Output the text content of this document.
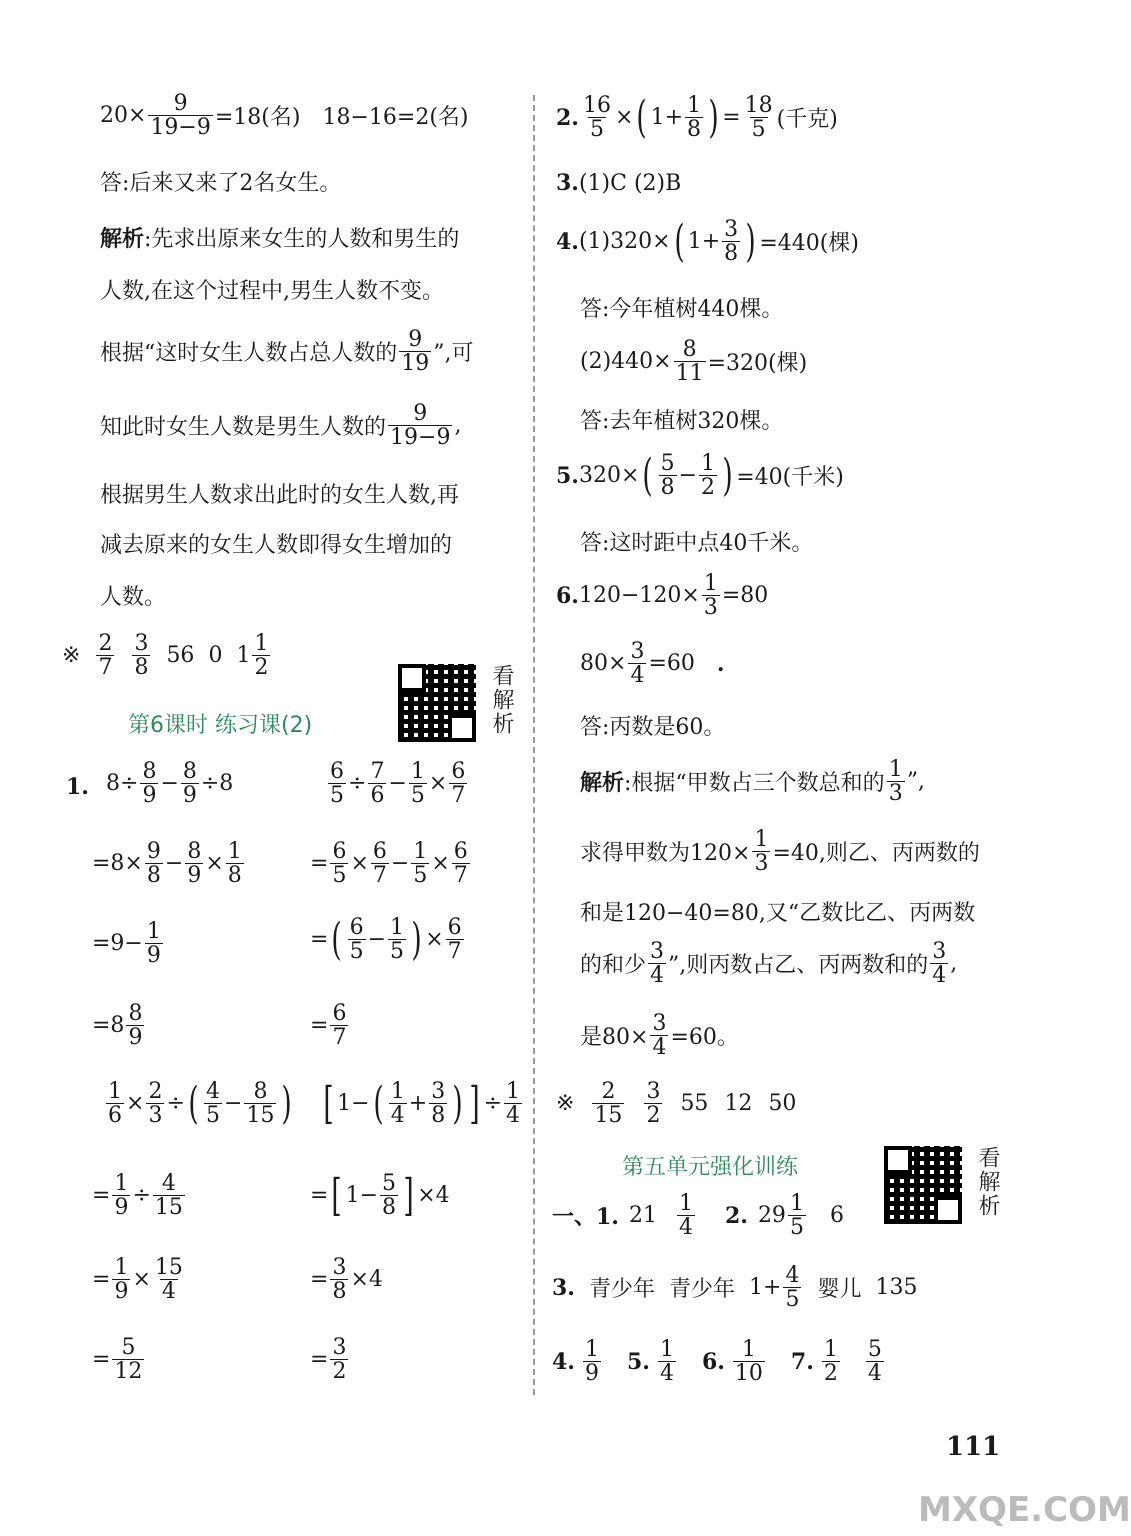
$20\times \frac{9}{19-9} =18$(名) 18−16=2(名)
答:后来又来了2名女生。
解析 :先求出原来女生的人数和男生的
人数,在这个过程中,男生人数不变。
根据“这时女生人数占总人数的 $\frac{9}{19}$ ”,可
知此时女生人数是男生人数的 $\frac{9}{19-9}$ ,
根据男生人数求出此时的女生人数,再
减去原来的女生人数即得女生增加的
人数。
※ $\frac{2}{7} \frac{3}{8} 56$ 0 $1 \frac{1}{2}$
第6课时 练习课(2)	看解析
1. $8\div \frac{8}{9} - \frac{8}{9} \div 8$
$=8\times \frac{9}{8} - \frac{8}{9} \times \frac{1}{8}$
$=9- \frac{1}{9}$
$=8 \frac{8}{9}$
$\frac{1}{6} \times \frac{2}{3}$ ÷ ( $\frac{4}{5} - \frac{8}{15}$ )
= $\frac{1}{9} \div \frac{4}{15}$
= $\frac{1}{9} \times \frac{15}{4}$
= $\frac{5}{12}$
$\frac{6}{5} \div \frac{7}{6} - \frac{1}{5} \times \frac{6}{7}$
= $\frac{6}{5} \times \frac{6}{7} - \frac{1}{5} \times \frac{6}{7}$
= ( $\frac{6}{5} - \frac{1}{5}$ ) × $\frac{6}{7}$
= $\frac{6}{7}$
[ 1− ( $\frac{1}{4} + \frac{3}{8}$ ) ] ÷ $\frac{1}{4}$
= [ $1- \frac{5}{8}$ ] ×4
= $\frac{3}{8} \times 4$
= $\frac{3}{2}$
2. $\frac{16}{5}$ × ( $1+ \frac{1}{8}$ ) = $\frac{18}{5}$ (千克)
3. (1)C (2)B
4. (1)320× ( $1+ \frac{3}{8}$ ) =440(棵)
答:今年植树440棵。
$(2)440\times \frac{8}{11} =320$(棵)
答:去年植树320棵。
5. 320× ( $\frac{5}{8} - \frac{1}{2}$ ) =40(千米)
答:这时距中点40千米。
6. $120-120\times \frac{1}{3} =80$
$80\times \frac{3}{4} =60$ .
答:丙数是60。
解析 :根据“甲数占三个数总和的 $\frac{1}{3}$ ”,
求得甲数为$120\times \frac{1}{3} =40$,则乙、丙两数的
和是120−40=80,又“乙数比乙、丙两数
的和少 $\frac{3}{4}$ ”,则丙数占乙、丙两数和的 $\frac{3}{4}$ ,
是$80\times \frac{3}{4} =60$。
※ $\frac{2}{15} \frac{3}{2} 55$ 12 50
第五单元强化训练	看解析
一、1. $21 \frac{1}{4} 2$. $29 \frac{1}{5} 6$
3. 青少年 青少年 $1+ \frac{4}{5}$ 婴儿 135
4. $\frac{1}{9} 5$. $\frac{1}{4} 6$. $\frac{1}{10} 7$. $\frac{1}{2} \frac{5}{4}$
111
MXQE.COM
